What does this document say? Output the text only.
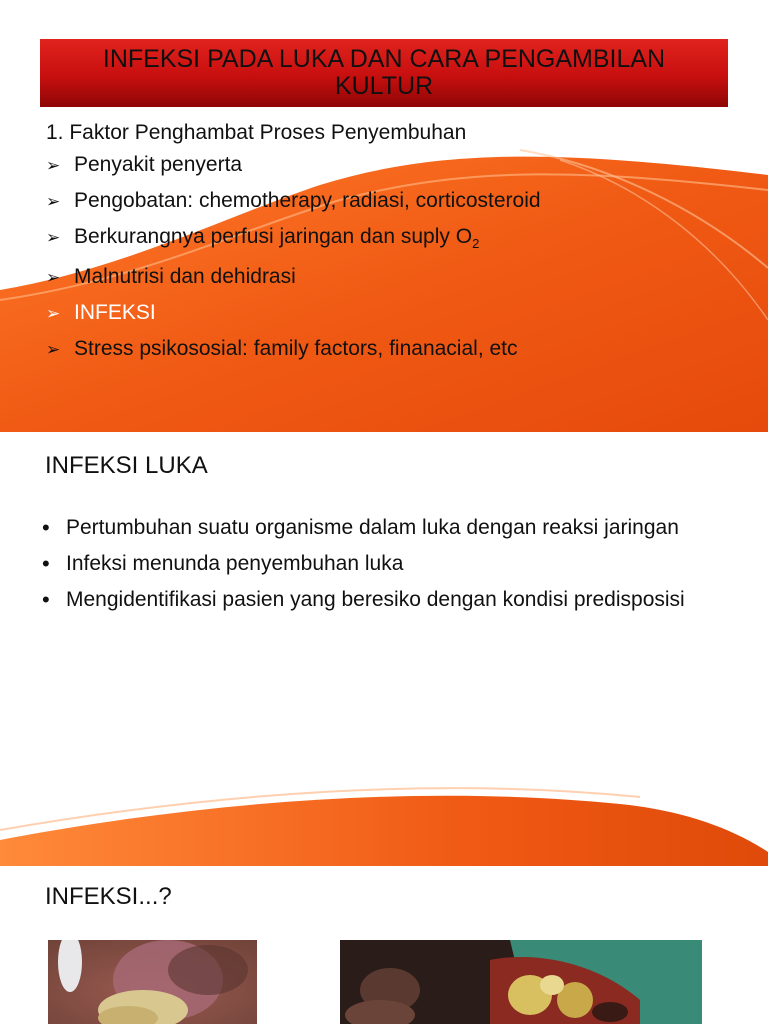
INFEKSI PADA LUKA DAN CARA PENGAMBILAN KULTUR
1. Faktor Penghambat Proses Penyembuhan
➢ Penyakit penyerta
➢ Pengobatan: chemotherapy, radiasi, corticosteroid
➢ Berkurangnya perfusi jaringan dan suply $O_2$
➢ Malnutrisi dan dehidrasi
➢ INFEKSI
➢ Stress psikososial: family factors, finanacial, etc
INFEKSI LUKA
• Pertumbuhan suatu organisme dalam luka dengan reaksi jaringan
• Infeksi menunda penyembuhan luka
• Mengidentifikasi pasien yang beresiko dengan kondisi predisposisi
INFEKSI...?
